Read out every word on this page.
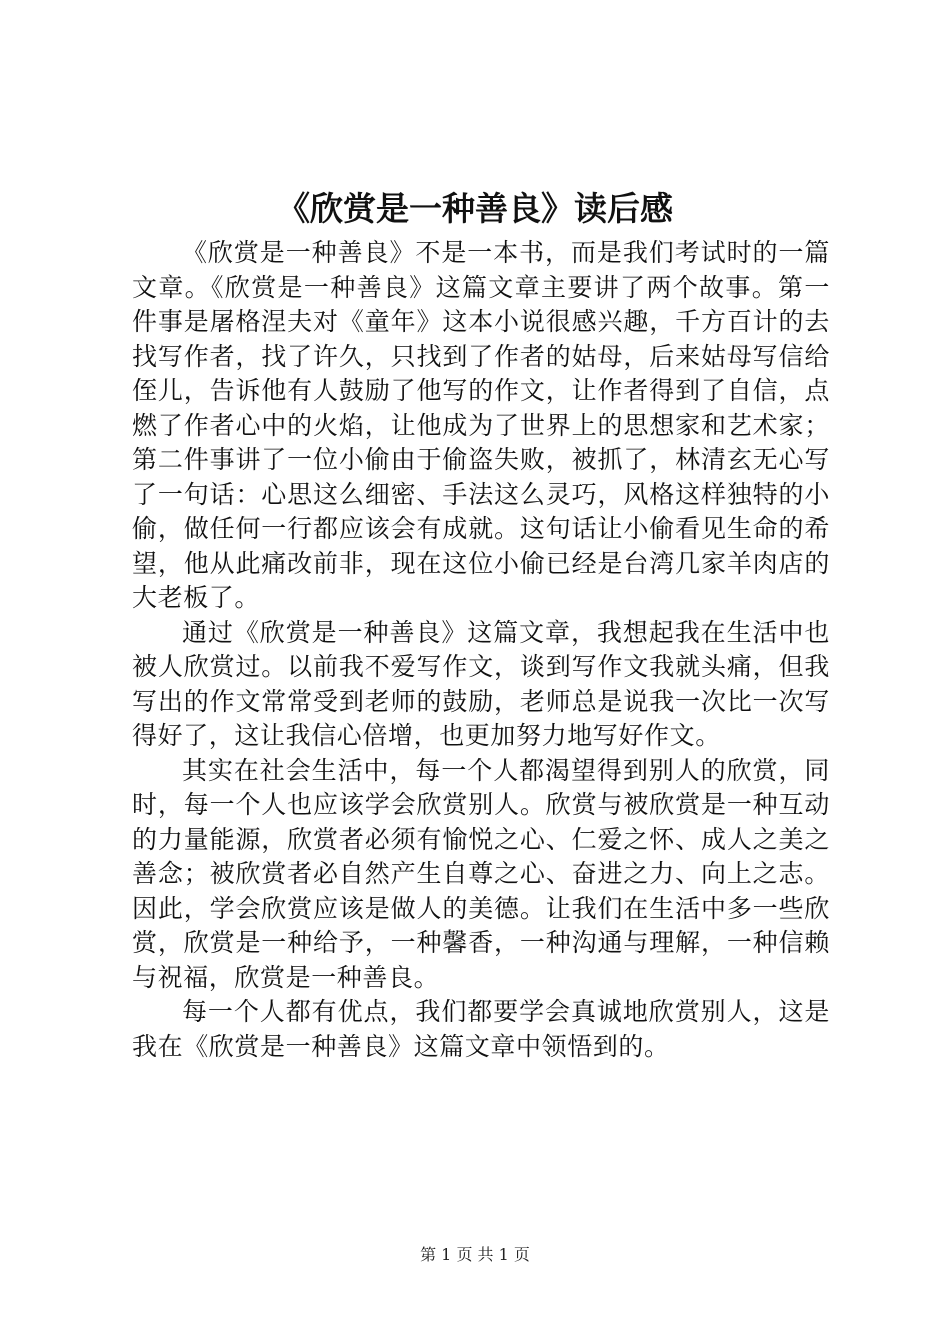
《欣赏是一种善良》读后感

《欣赏是一种善良》不是一本书，而是我们考试时的一篇文章。《欣赏是一种善良》这篇文章主要讲了两个故事。第一件事是屠格涅夫对《童年》这本小说很感兴趣，千方百计的去找写作者，找了许久，只找到了作者的姑母，后来姑母写信给侄儿，告诉他有人鼓励了他写的作文，让作者得到了自信，点燃了作者心中的火焰，让他成为了世界上的思想家和艺术家；第二件事讲了一位小偷由于偷盗失败，被抓了，林清玄无心写了一句话：心思这么细密、手法这么灵巧，风格这样独特的小偷，做任何一行都应该会有成就。这句话让小偷看见生命的希望，他从此痛改前非，现在这位小偷已经是台湾几家羊肉店的大老板了。

通过《欣赏是一种善良》这篇文章，我想起我在生活中也被人欣赏过。以前我不爱写作文，谈到写作文我就头痛，但我写出的作文常常受到老师的鼓励，老师总是说我一次比一次写得好了，这让我信心倍增，也更加努力地写好作文。

其实在社会生活中，每一个人都渴望得到别人的欣赏，同时，每一个人也应该学会欣赏别人。欣赏与被欣赏是一种互动的力量能源，欣赏者必须有愉悦之心、仁爱之怀、成人之美之善念；被欣赏者必自然产生自尊之心、奋进之力、向上之志。因此，学会欣赏应该是做人的美德。让我们在生活中多一些欣赏，欣赏是一种给予，一种馨香，一种沟通与理解，一种信赖与祝福，欣赏是一种善良。

每一个人都有优点，我们都要学会真诚地欣赏别人，这是我在《欣赏是一种善良》这篇文章中领悟到的。

第 1 页 共 1 页
